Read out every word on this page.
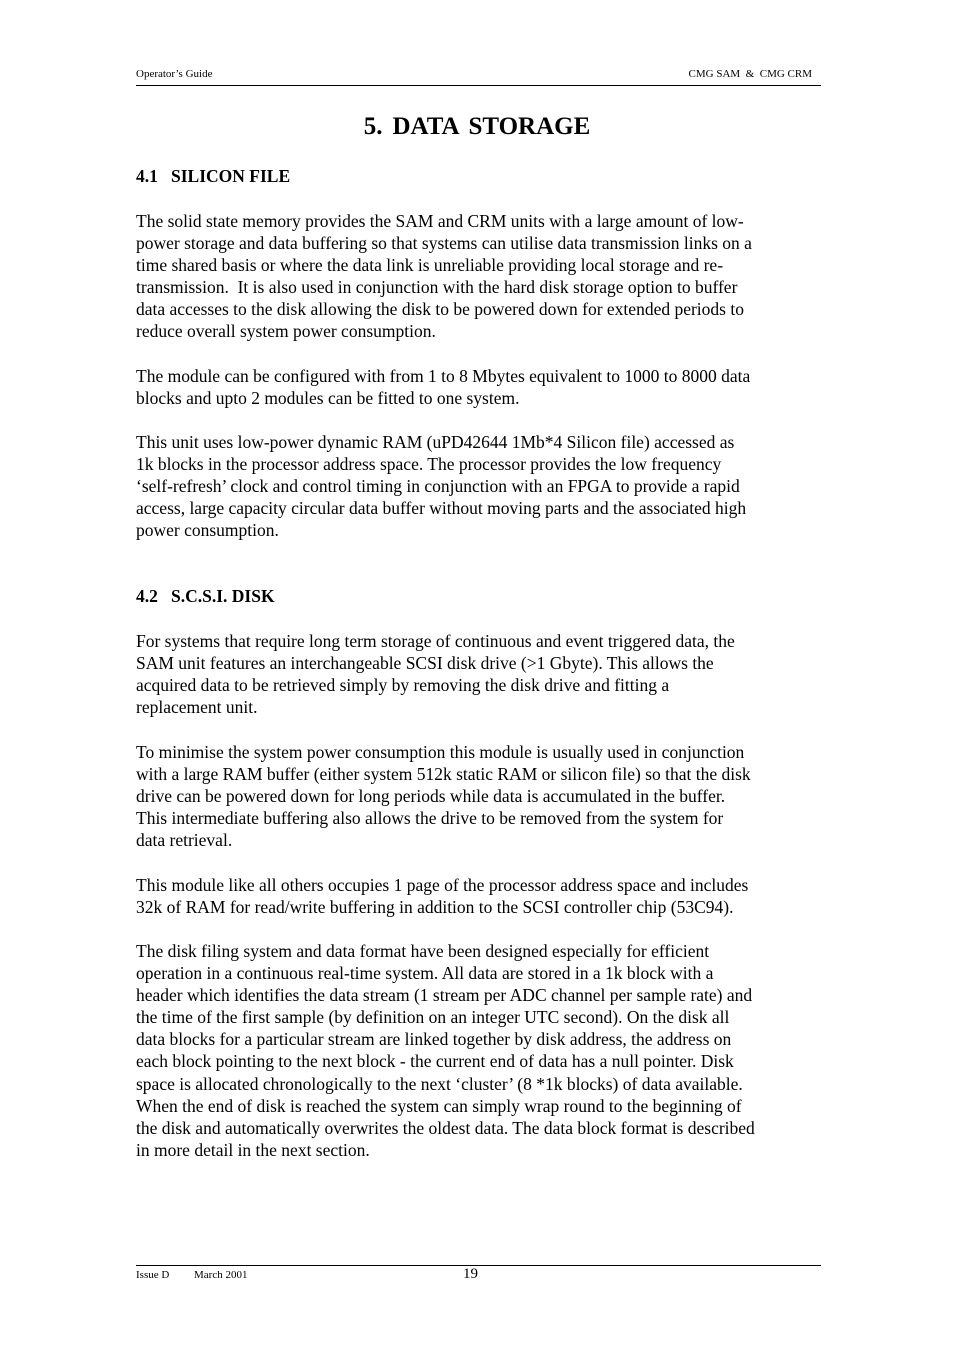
Operator’s Guide	CMG SAM  &  CMG CRM
5. DATA STORAGE
4.1   SILICON FILE
The solid state memory provides the SAM and CRM units with a large amount of low-
power storage and data buffering so that systems can utilise data transmission links on a
time shared basis or where the data link is unreliable providing local storage and re-
transmission.  It is also used in conjunction with the hard disk storage option to buffer
data accesses to the disk allowing the disk to be powered down for extended periods to
reduce overall system power consumption.
The module can be configured with from 1 to 8 Mbytes equivalent to 1000 to 8000 data
blocks and upto 2 modules can be fitted to one system.
This unit uses low-power dynamic RAM (uPD42644 1Mb*4 Silicon file) accessed as
1k blocks in the processor address space. The processor provides the low frequency
‘self-refresh’ clock and control timing in conjunction with an FPGA to provide a rapid
access, large capacity circular data buffer without moving parts and the associated high
power consumption.
4.2   S.C.S.I. DISK
For systems that require long term storage of continuous and event triggered data, the
SAM unit features an interchangeable SCSI disk drive (>1 Gbyte). This allows the
acquired data to be retrieved simply by removing the disk drive and fitting a
replacement unit.
To minimise the system power consumption this module is usually used in conjunction
with a large RAM buffer (either system 512k static RAM or silicon file) so that the disk
drive can be powered down for long periods while data is accumulated in the buffer.
This intermediate buffering also allows the drive to be removed from the system for
data retrieval.
This module like all others occupies 1 page of the processor address space and includes
32k of RAM for read/write buffering in addition to the SCSI controller chip (53C94).
The disk filing system and data format have been designed especially for efficient
operation in a continuous real-time system. All data are stored in a 1k block with a
header which identifies the data stream (1 stream per ADC channel per sample rate) and
the time of the first sample (by definition on an integer UTC second). On the disk all
data blocks for a particular stream are linked together by disk address, the address on
each block pointing to the next block - the current end of data has a null pointer. Disk
space is allocated chronologically to the next ‘cluster’ (8 *1k blocks) of data available.
When the end of disk is reached the system can simply wrap round to the beginning of
the disk and automatically overwrites the oldest data. The data block format is described
in more detail in the next section.
Issue D March 2001	19
